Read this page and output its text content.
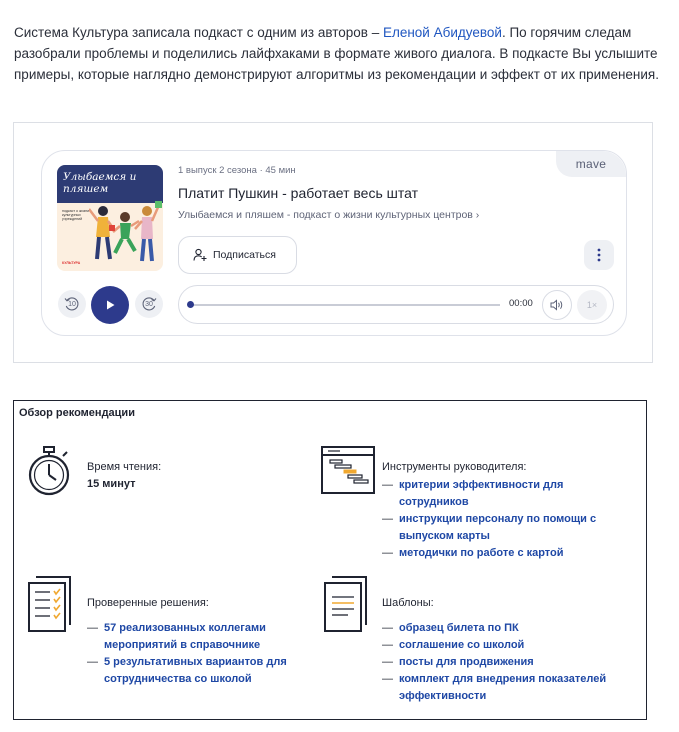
Система Культура записала подкаст с одним из авторов – Еленой Абидуевой. По горячим следам разобрали проблемы и поделились лайфхаками в формате живого диалога. В подкасте Вы услышите примеры, которые наглядно демонстрируют алгоритмы из рекомендации и эффект от их применения.

mave
Улыбаемся и пляшем
подкаст о жизни культурных учреждений
КУЛЬТУРА
1 выпуск 2 сезона · 45 мин
Платит Пушкин - работает весь штат
Улыбаемся и пляшем - подкаст о жизни культурных центров ›
Подписаться
10	30	00:00	1×
Обзор рекомендации
Время чтения:
15 минут
Инструменты руководителя:
— критерии эффективности для сотрудников
— инструкции персоналу по помощи с выпуском карты
— методички по работе с картой
Проверенные решения:
— 57 реализованных коллегами мероприятий в справочнике
— 5 результативных вариантов для сотрудничества со школой
Шаблоны:
— образец билета по ПК
— соглашение со школой
— посты для продвижения
— комплект для внедрения показателей эффективности
